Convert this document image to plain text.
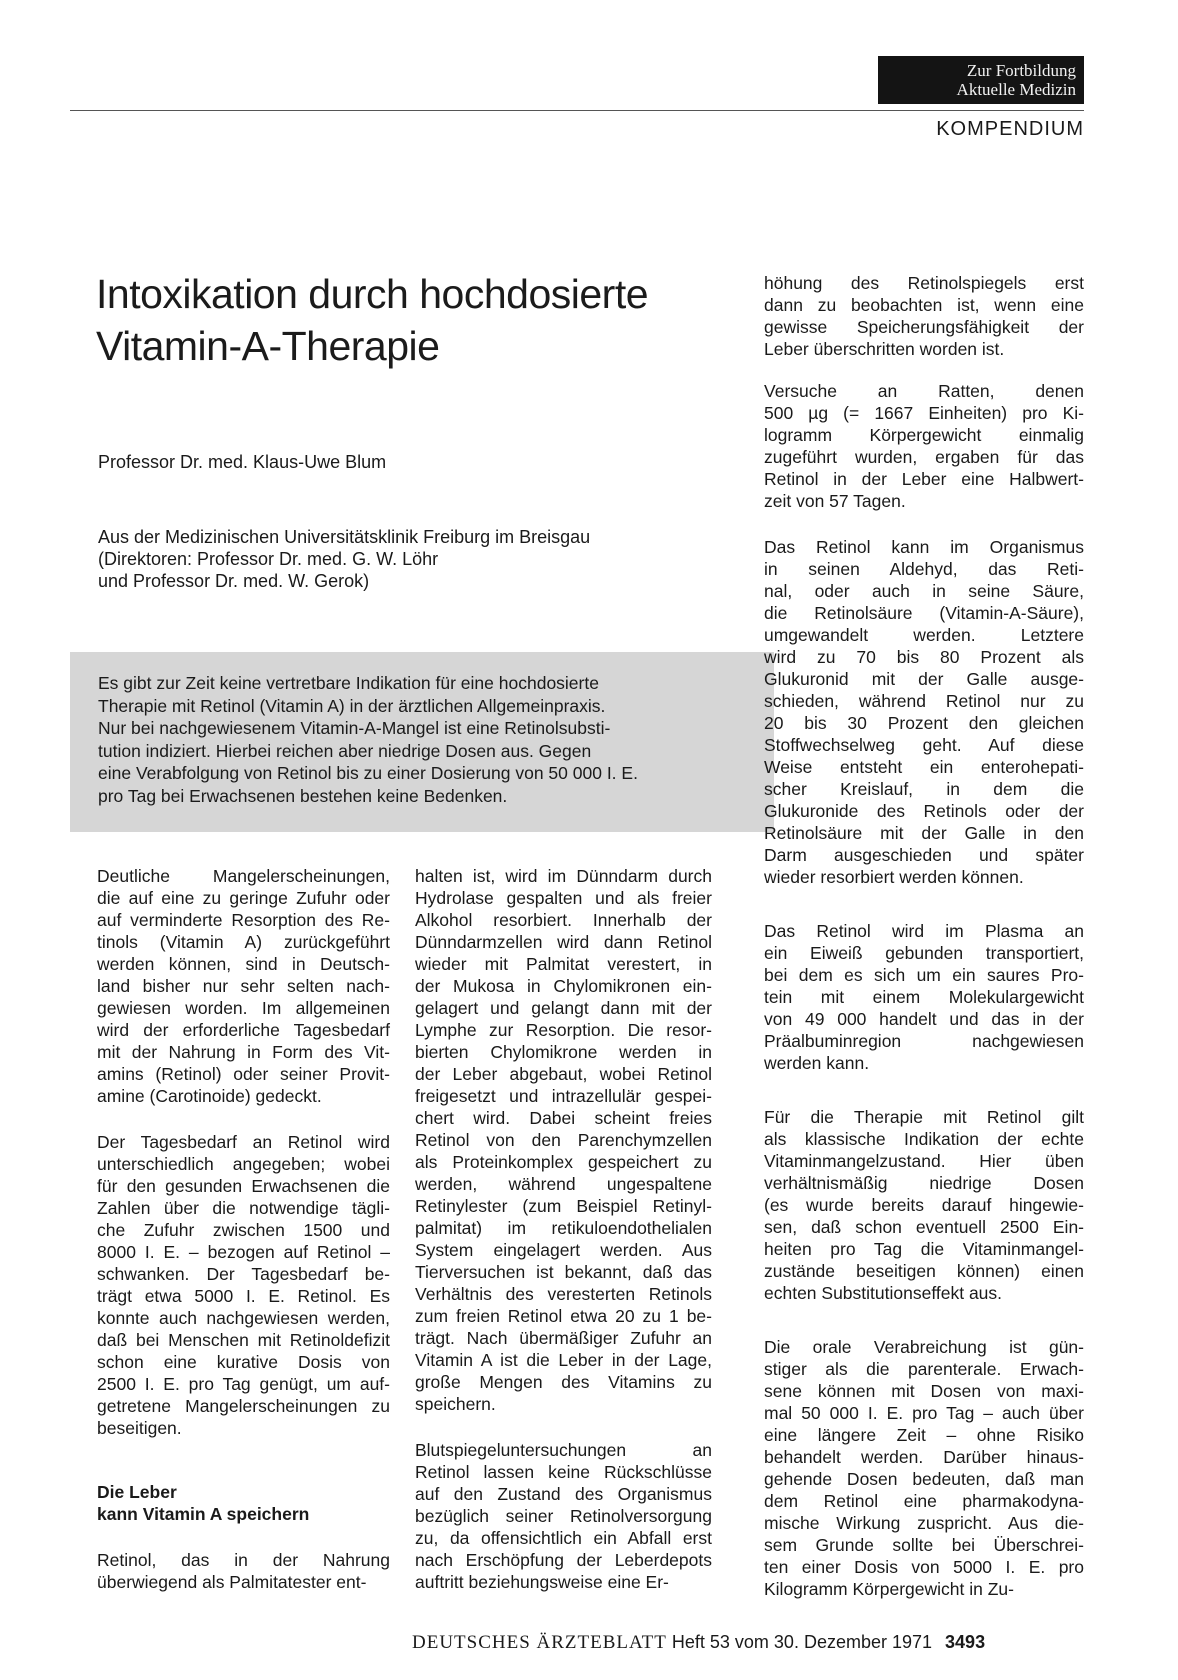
Zur Fortbildung
Aktuelle Medizin
KOMPENDIUM
Intoxikation durch hochdosierte
Vitamin-A-Therapie
Professor Dr. med. Klaus-Uwe Blum
Aus der Medizinischen Universitätsklinik Freiburg im Breisgau
(Direktoren: Professor Dr. med. G. W. Löhr
und Professor Dr. med. W. Gerok)
Es gibt zur Zeit keine vertretbare Indikation für eine hochdosierte
Therapie mit Retinol (Vitamin A) in der ärztlichen Allgemeinpraxis.
Nur bei nachgewiesenem Vitamin-A-Mangel ist eine Retinolsubsti-
tution indiziert. Hierbei reichen aber niedrige Dosen aus. Gegen
eine Verabfolgung von Retinol bis zu einer Dosierung von 50 000 I. E.
pro Tag bei Erwachsenen bestehen keine Bedenken.

Deutliche Mangelerscheinungen,
die auf eine zu geringe Zufuhr oder
auf verminderte Resorption des Re-
tinols (Vitamin A) zurückgeführt
werden können, sind in Deutsch-
land bisher nur sehr selten nach-
gewiesen worden. Im allgemeinen
wird der erforderliche Tagesbedarf
mit der Nahrung in Form des Vit-
amins (Retinol) oder seiner Provit-
amine (Carotinoide) gedeckt.

Der Tagesbedarf an Retinol wird
unterschiedlich angegeben; wobei
für den gesunden Erwachsenen die
Zahlen über die notwendige tägli-
che Zufuhr zwischen 1500 und
8000 I. E. – bezogen auf Retinol –
schwanken. Der Tagesbedarf be-
trägt etwa 5000 I. E. Retinol. Es
konnte auch nachgewiesen werden,
daß bei Menschen mit Retinoldefizit
schon eine kurative Dosis von
2500 I. E. pro Tag genügt, um auf-
getretene Mangelerscheinungen zu
beseitigen.

Die Leber
kann Vitamin A speichern

Retinol, das in der Nahrung
überwiegend als Palmitatester ent-

halten ist, wird im Dünndarm durch
Hydrolase gespalten und als freier
Alkohol resorbiert. Innerhalb der
Dünndarmzellen wird dann Retinol
wieder mit Palmitat verestert, in
der Mukosa in Chylomikronen ein-
gelagert und gelangt dann mit der
Lymphe zur Resorption. Die resor-
bierten Chylomikrone werden in
der Leber abgebaut, wobei Retinol
freigesetzt und intrazellulär gespei-
chert wird. Dabei scheint freies
Retinol von den Parenchymzellen
als Proteinkomplex gespeichert zu
werden, während ungespaltene
Retinylester (zum Beispiel Retinyl-
palmitat) im retikuloendothelialen
System eingelagert werden. Aus
Tierversuchen ist bekannt, daß das
Verhältnis des veresterten Retinols
zum freien Retinol etwa 20 zu 1 be-
trägt. Nach übermäßiger Zufuhr an
Vitamin A ist die Leber in der Lage,
große Mengen des Vitamins zu
speichern.

Blutspiegeluntersuchungen an
Retinol lassen keine Rückschlüsse
auf den Zustand des Organismus
bezüglich seiner Retinolversorgung
zu, da offensichtlich ein Abfall erst
nach Erschöpfung der Leberdepots
auftritt beziehungsweise eine Er-

höhung des Retinolspiegels erst
dann zu beobachten ist, wenn eine
gewisse Speicherungsfähigkeit der
Leber überschritten worden ist.

Versuche an Ratten, denen
500 µg (= 1667 Einheiten) pro Ki-
logramm Körpergewicht einmalig
zugeführt wurden, ergaben für das
Retinol in der Leber eine Halbwert-
zeit von 57 Tagen.

Das Retinol kann im Organismus
in seinen Aldehyd, das Reti-
nal, oder auch in seine Säure,
die Retinolsäure (Vitamin-A-Säure),
umgewandelt werden. Letztere
wird zu 70 bis 80 Prozent als
Glukuronid mit der Galle ausge-
schieden, während Retinol nur zu
20 bis 30 Prozent den gleichen
Stoffwechselweg geht. Auf diese
Weise entsteht ein enterohepati-
scher Kreislauf, in dem die
Glukuronide des Retinols oder der
Retinolsäure mit der Galle in den
Darm ausgeschieden und später
wieder resorbiert werden können.

Das Retinol wird im Plasma an
ein Eiweiß gebunden transportiert,
bei dem es sich um ein saures Pro-
tein mit einem Molekulargewicht
von 49 000 handelt und das in der
Präalbuminregion nachgewiesen
werden kann.

Für die Therapie mit Retinol gilt
als klassische Indikation der echte
Vitaminmangelzustand. Hier üben
verhältnismäßig niedrige Dosen
(es wurde bereits darauf hingewie-
sen, daß schon eventuell 2500 Ein-
heiten pro Tag die Vitaminmangel-
zustände beseitigen können) einen
echten Substitutionseffekt aus.

Die orale Verabreichung ist gün-
stiger als die parenterale. Erwach-
sene können mit Dosen von maxi-
mal 50 000 I. E. pro Tag – auch über
eine längere Zeit – ohne Risiko
behandelt werden. Darüber hinaus-
gehende Dosen bedeuten, daß man
dem Retinol eine pharmakodyna-
mische Wirkung zuspricht. Aus die-
sem Grunde sollte bei Überschrei-
ten einer Dosis von 5000 I. E. pro
Kilogramm Körpergewicht in Zu-

DEUTSCHES ÄRZTEBLATT Heft 53 vom 30. Dezember 1971 3493
